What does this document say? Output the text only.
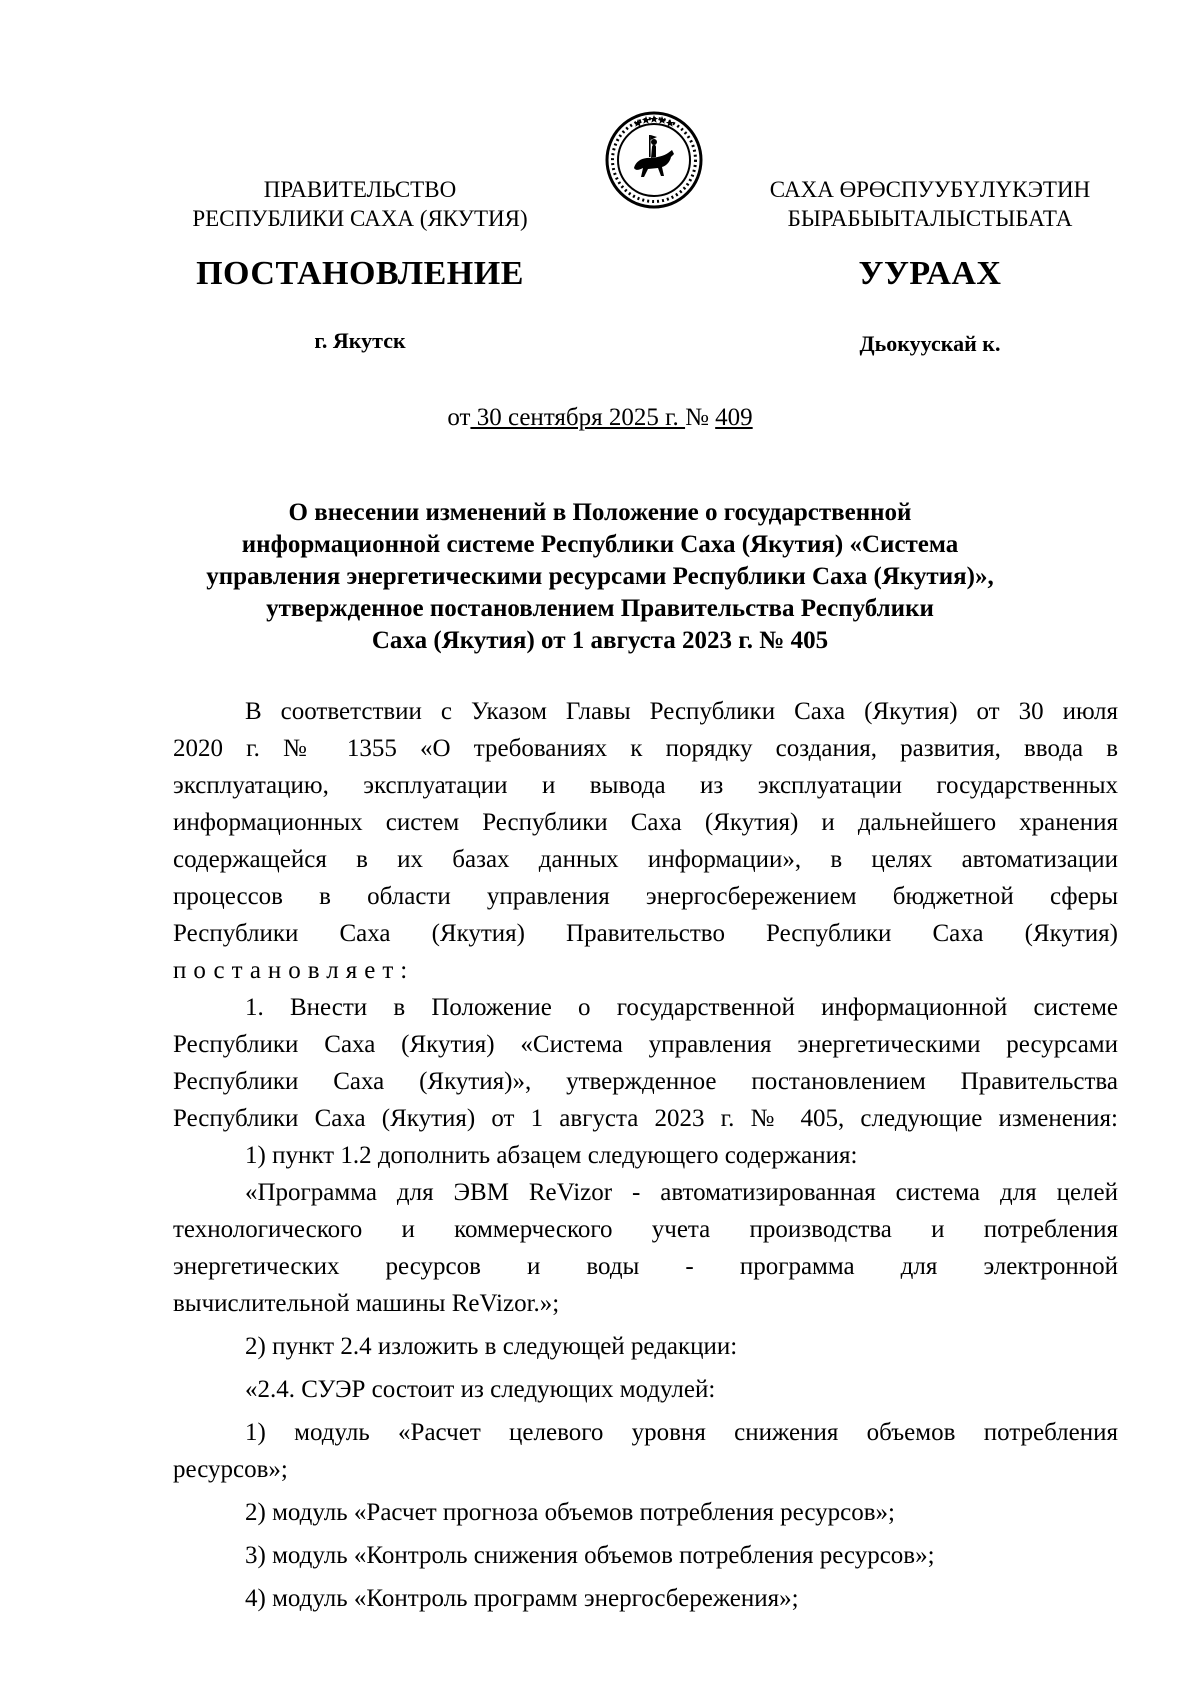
ПРАВИТЕЛЬСТВО
РЕСПУБЛИКИ САХА (ЯКУТИЯ)
САХА ӨРӨСПУУБҮЛҮКЭТИН
БЫРАБЫЫТАЛЫСТЫБАТА
ПОСТАНОВЛЕНИЕ	УУРААХ
г. Якутск	Дьокуускай к.
от 30 сентября 2025 г. № 409
О внесении изменений в Положение о государственной
информационной системе Республики Саха (Якутия) «Система
управления энергетическими ресурсами Республики Саха (Якутия)»,
утвержденное постановлением Правительства Республики
Саха (Якутия) от 1 августа 2023 г. № 405
В соответствии с Указом Главы Республики Саха (Якутия) от 30 июля
2020 г. № 1355 «О требованиях к порядку создания, развития, ввода в
эксплуатацию, эксплуатации и вывода из эксплуатации государственных
информационных систем Республики Саха (Якутия) и дальнейшего хранения
содержащейся в их базах данных информации», в целях автоматизации
процессов в области управления энергосбережением бюджетной сферы
Республики Саха (Якутия) Правительство Республики Саха (Якутия)
постановляет:
1. Внести в Положение о государственной информационной системе
Республики Саха (Якутия) «Система управления энергетическими ресурсами
Республики Саха (Якутия)», утвержденное постановлением Правительства
Республики Саха (Якутия) от 1 августа 2023 г. № 405, следующие изменения:
1) пункт 1.2 дополнить абзацем следующего содержания:
«Программа для ЭВМ ReVizor - автоматизированная система для целей
технологического и коммерческого учета производства и потребления
энергетических ресурсов и воды - программа для электронной
вычислительной машины ReVizor.»;
2) пункт 2.4 изложить в следующей редакции:
«2.4. СУЭР состоит из следующих модулей:
1) модуль «Расчет целевого уровня снижения объемов потребления
ресурсов»;
2) модуль «Расчет прогноза объемов потребления ресурсов»;
3) модуль «Контроль снижения объемов потребления ресурсов»;
4) модуль «Контроль программ энергосбережения»;
